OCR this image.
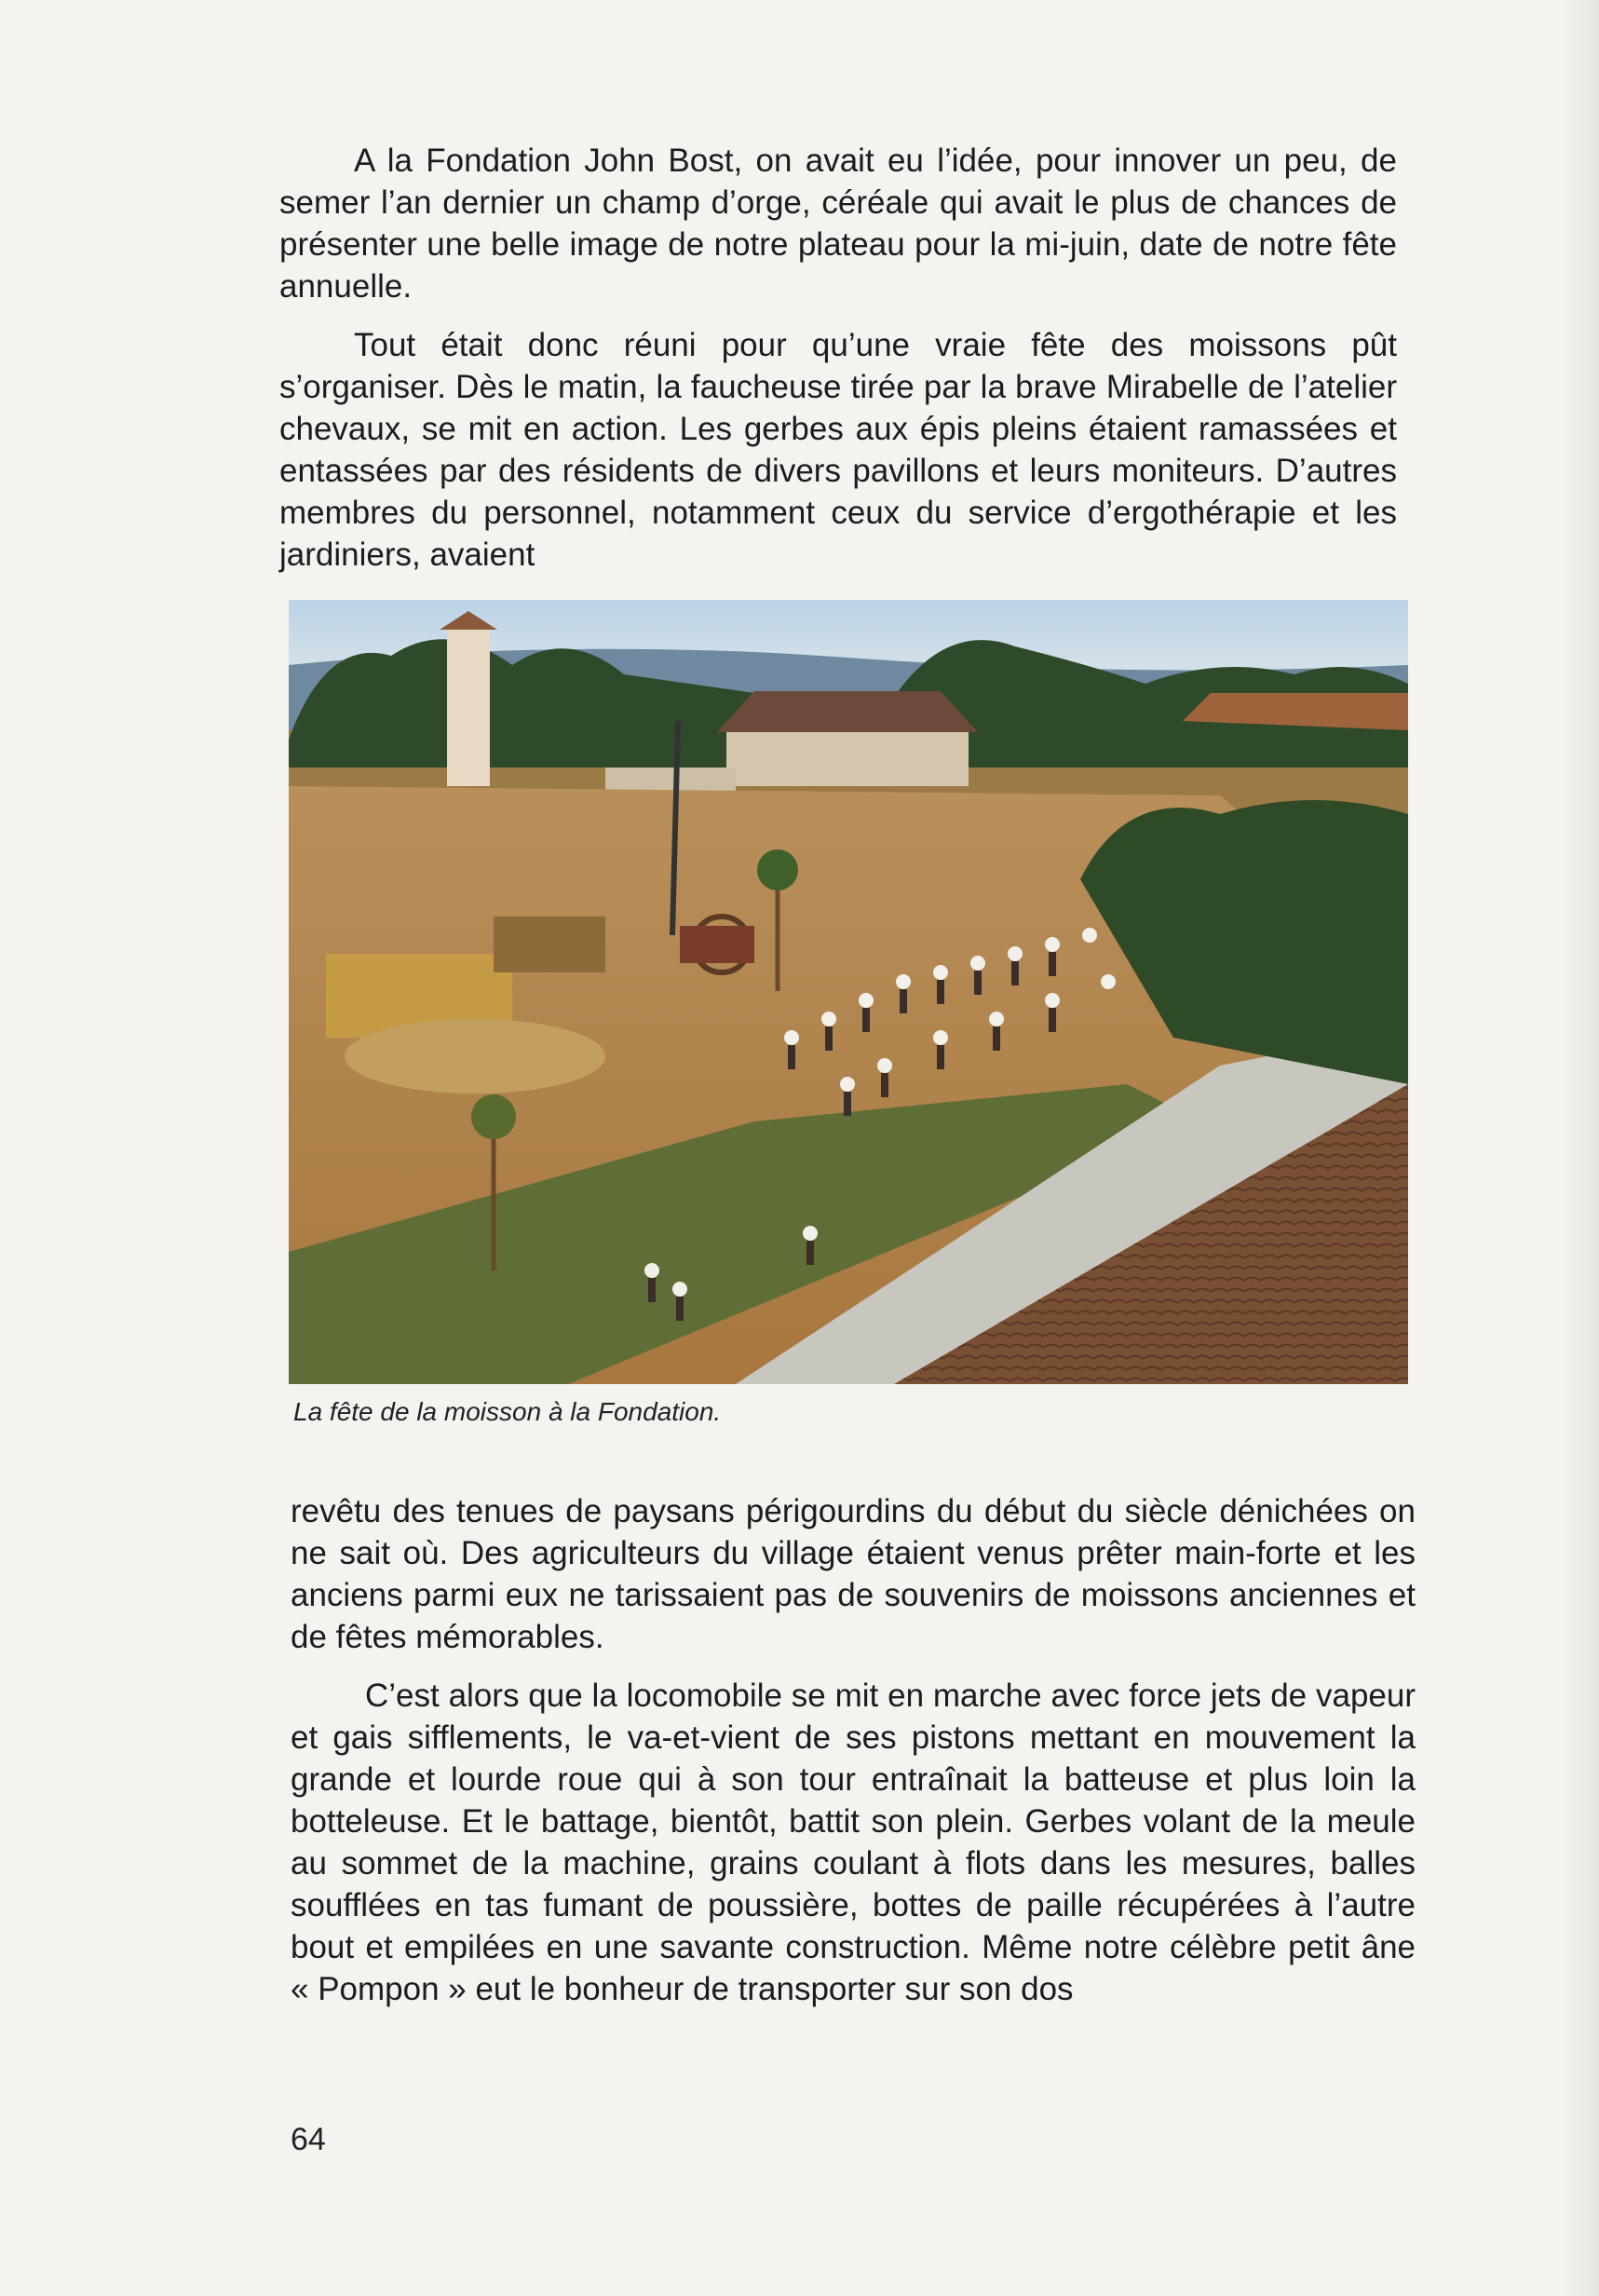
A la Fondation John Bost, on avait eu l’idée, pour innover un peu, de semer l’an dernier un champ d’orge, céréale qui avait le plus de chances de présenter une belle image de notre plateau pour la mi-juin, date de notre fête annuelle.

Tout était donc réuni pour qu’une vraie fête des moissons pût s’organiser. Dès le matin, la faucheuse tirée par la brave Mirabelle de l’atelier chevaux, se mit en action. Les gerbes aux épis pleins étaient ramassées et entassées par des résidents de divers pavillons et leurs moniteurs. D’autres membres du personnel, notamment ceux du service d’ergothérapie et les jardiniers, avaient

La fête de la moisson à la Fondation.

revêtu des tenues de paysans périgourdins du début du siècle dénichées on ne sait où. Des agriculteurs du village étaient venus prêter main-forte et les anciens parmi eux ne tarissaient pas de souvenirs de moissons anciennes et de fêtes mémorables.

C’est alors que la locomobile se mit en marche avec force jets de vapeur et gais sifflements, le va-et-vient de ses pistons mettant en mouvement la grande et lourde roue qui à son tour entraînait la batteuse et plus loin la botteleuse. Et le battage, bientôt, battit son plein. Gerbes volant de la meule au sommet de la machine, grains coulant à flots dans les mesures, balles soufflées en tas fumant de poussière, bottes de paille récupérées à l’autre bout et empilées en une savante construction. Même notre célèbre petit âne « Pompon » eut le bonheur de transporter sur son dos

64
